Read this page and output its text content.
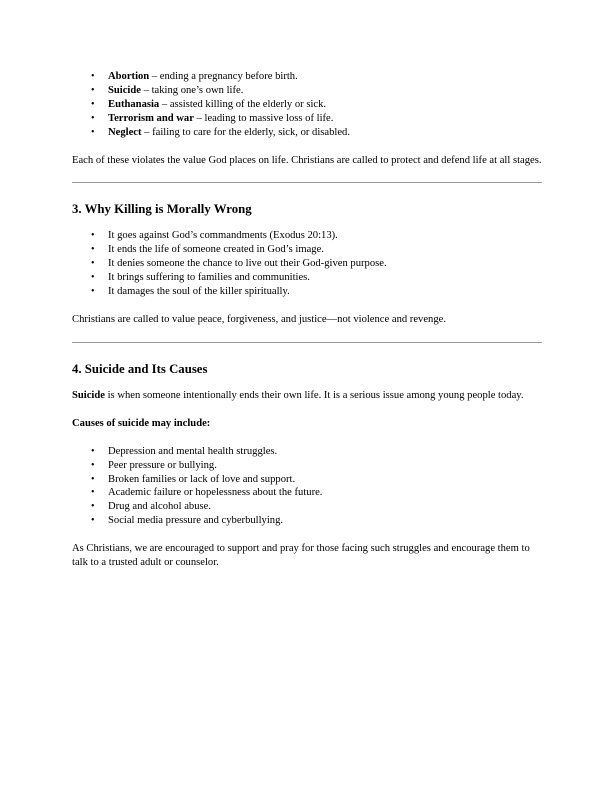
• Abortion – ending a pregnancy before birth.
• Suicide – taking one’s own life.
• Euthanasia – assisted killing of the elderly or sick.
• Terrorism and war – leading to massive loss of life.
• Neglect – failing to care for the elderly, sick, or disabled.

Each of these violates the value God places on life. Christians are called to protect and defend life at all stages.

3. Why Killing is Morally Wrong
• It goes against God’s commandments (Exodus 20:13).
• It ends the life of someone created in God’s image.
• It denies someone the chance to live out their God-given purpose.
• It brings suffering to families and communities.
• It damages the soul of the killer spiritually.

Christians are called to value peace, forgiveness, and justice—not violence and revenge.

4. Suicide and Its Causes

Suicide is when someone intentionally ends their own life. It is a serious issue among young people today.

Causes of suicide may include:

• Depression and mental health struggles.
• Peer pressure or bullying.
• Broken families or lack of love and support.
• Academic failure or hopelessness about the future.
• Drug and alcohol abuse.
• Social media pressure and cyberbullying.

As Christians, we are encouraged to support and pray for those facing such struggles and encourage them to talk to a trusted adult or counselor.
